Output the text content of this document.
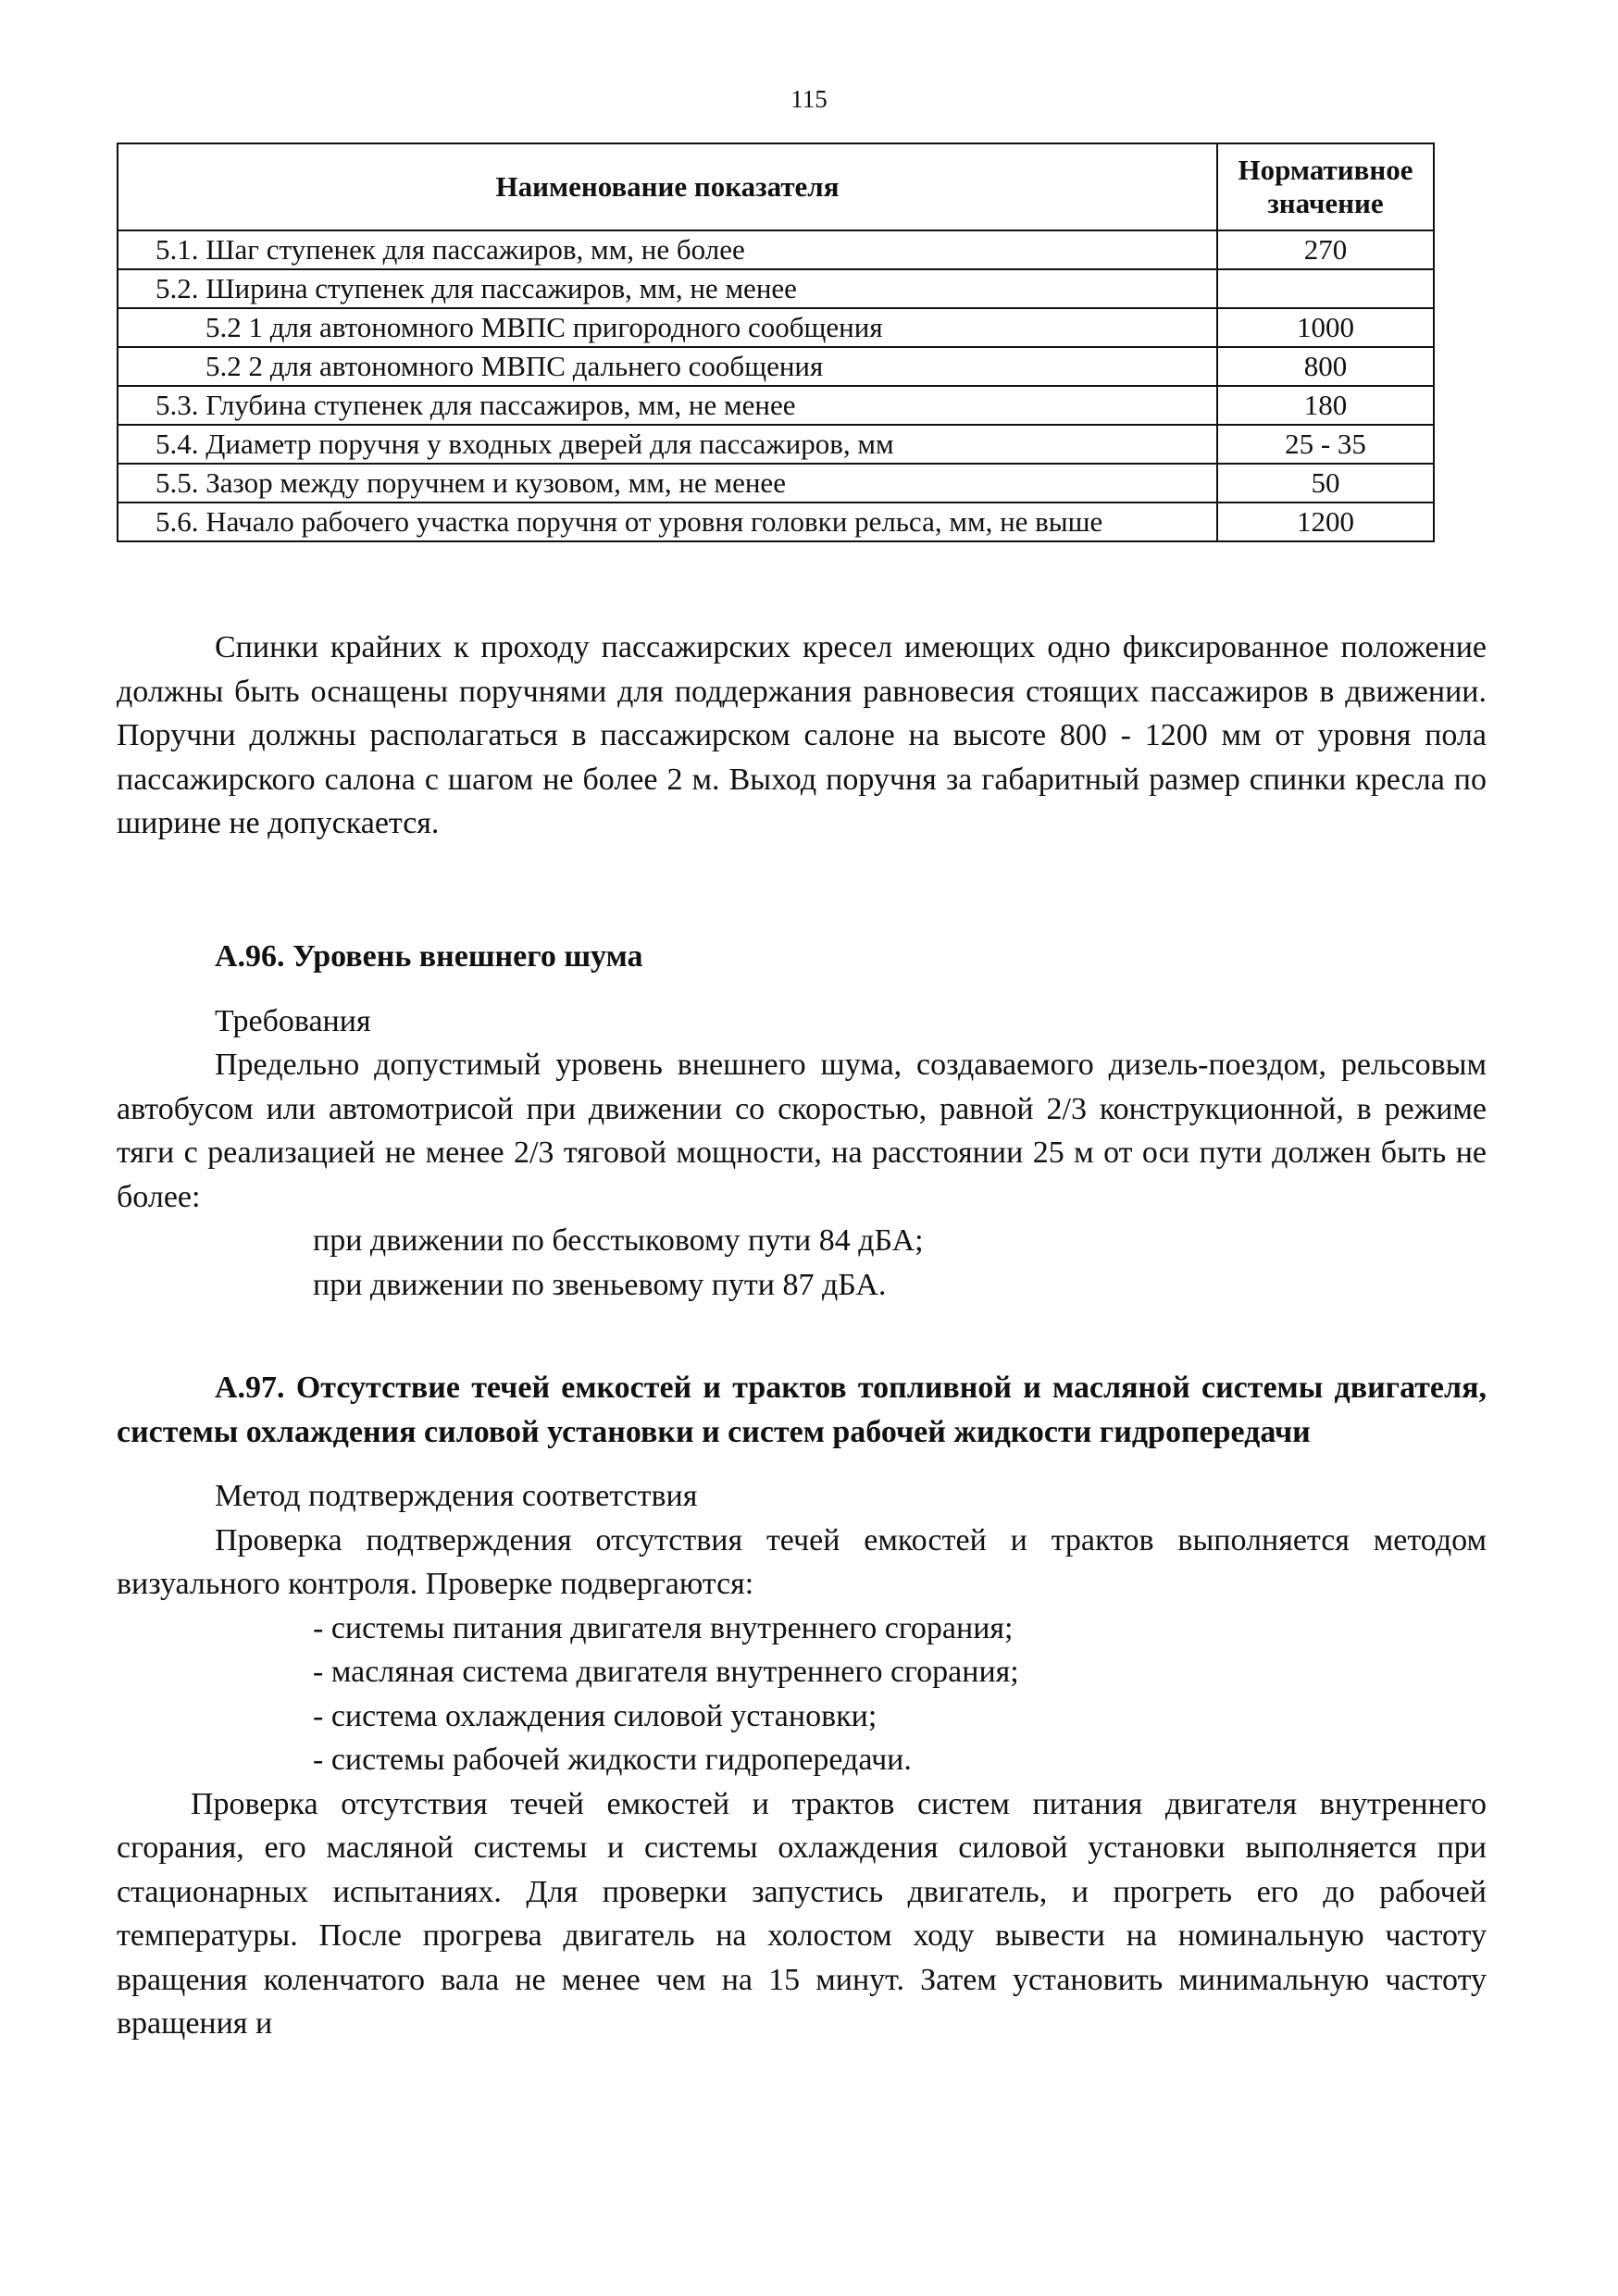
115
Наименование показателя	Нормативное значение
5.1. Шаг ступенек для пассажиров, мм, не более	270
5.2. Ширина ступенек для пассажиров, мм, не менее	
5.2 1 для автономного МВПС пригородного сообщения	1000
5.2 2 для автономного МВПС дальнего сообщения	800
5.3. Глубина ступенек для пассажиров, мм, не менее	180
5.4. Диаметр поручня у входных дверей для пассажиров, мм	25 - 35
5.5. Зазор между поручнем и кузовом, мм, не менее	50
5.6. Начало рабочего участка поручня от уровня головки рельса, мм, не выше	1200

Спинки крайних к проходу пассажирских кресел имеющих одно фиксированное положение должны быть оснащены поручнями для поддержания равновесия стоящих пассажиров в движении. Поручни должны располагаться в пассажирском салоне на высоте 800 - 1200 мм от уровня пола пассажирского салона с шагом не более 2 м. Выход поручня за габаритный размер спинки кресла по ширине не допускается.

А.96. Уровень внешнего шума

Требования

Предельно допустимый уровень внешнего шума, создаваемого дизель-поездом, рельсовым автобусом или автомотрисой при движении со скоростью, равной 2/3 конструкционной, в режиме тяги с реализацией не менее 2/3 тяговой мощности, на расстоянии 25 м от оси пути должен быть не более:

при движении по бесстыковому пути 84 дБА;

при движении по звеньевому пути 87 дБА.

А.97. Отсутствие течей емкостей и трактов топливной и масляной системы двигателя, системы охлаждения силовой установки и систем рабочей жидкости гидропередачи

Метод подтверждения соответствия

Проверка подтверждения отсутствия течей емкостей и трактов выполняется методом визуального контроля. Проверке подвергаются:

- системы питания двигателя внутреннего сгорания;

- масляная система двигателя внутреннего сгорания;

- система охлаждения силовой установки;

- системы рабочей жидкости гидропередачи.

Проверка отсутствия течей емкостей и трактов систем питания двигателя внутреннего сгорания, его масляной системы и системы охлаждения силовой установки выполняется при стационарных испытаниях. Для проверки запустись двигатель, и прогреть его до рабочей температуры. После прогрева двигатель на холостом ходу вывести на номинальную частоту вращения коленчатого вала не менее чем на 15 минут. Затем установить минимальную частоту вращения и
